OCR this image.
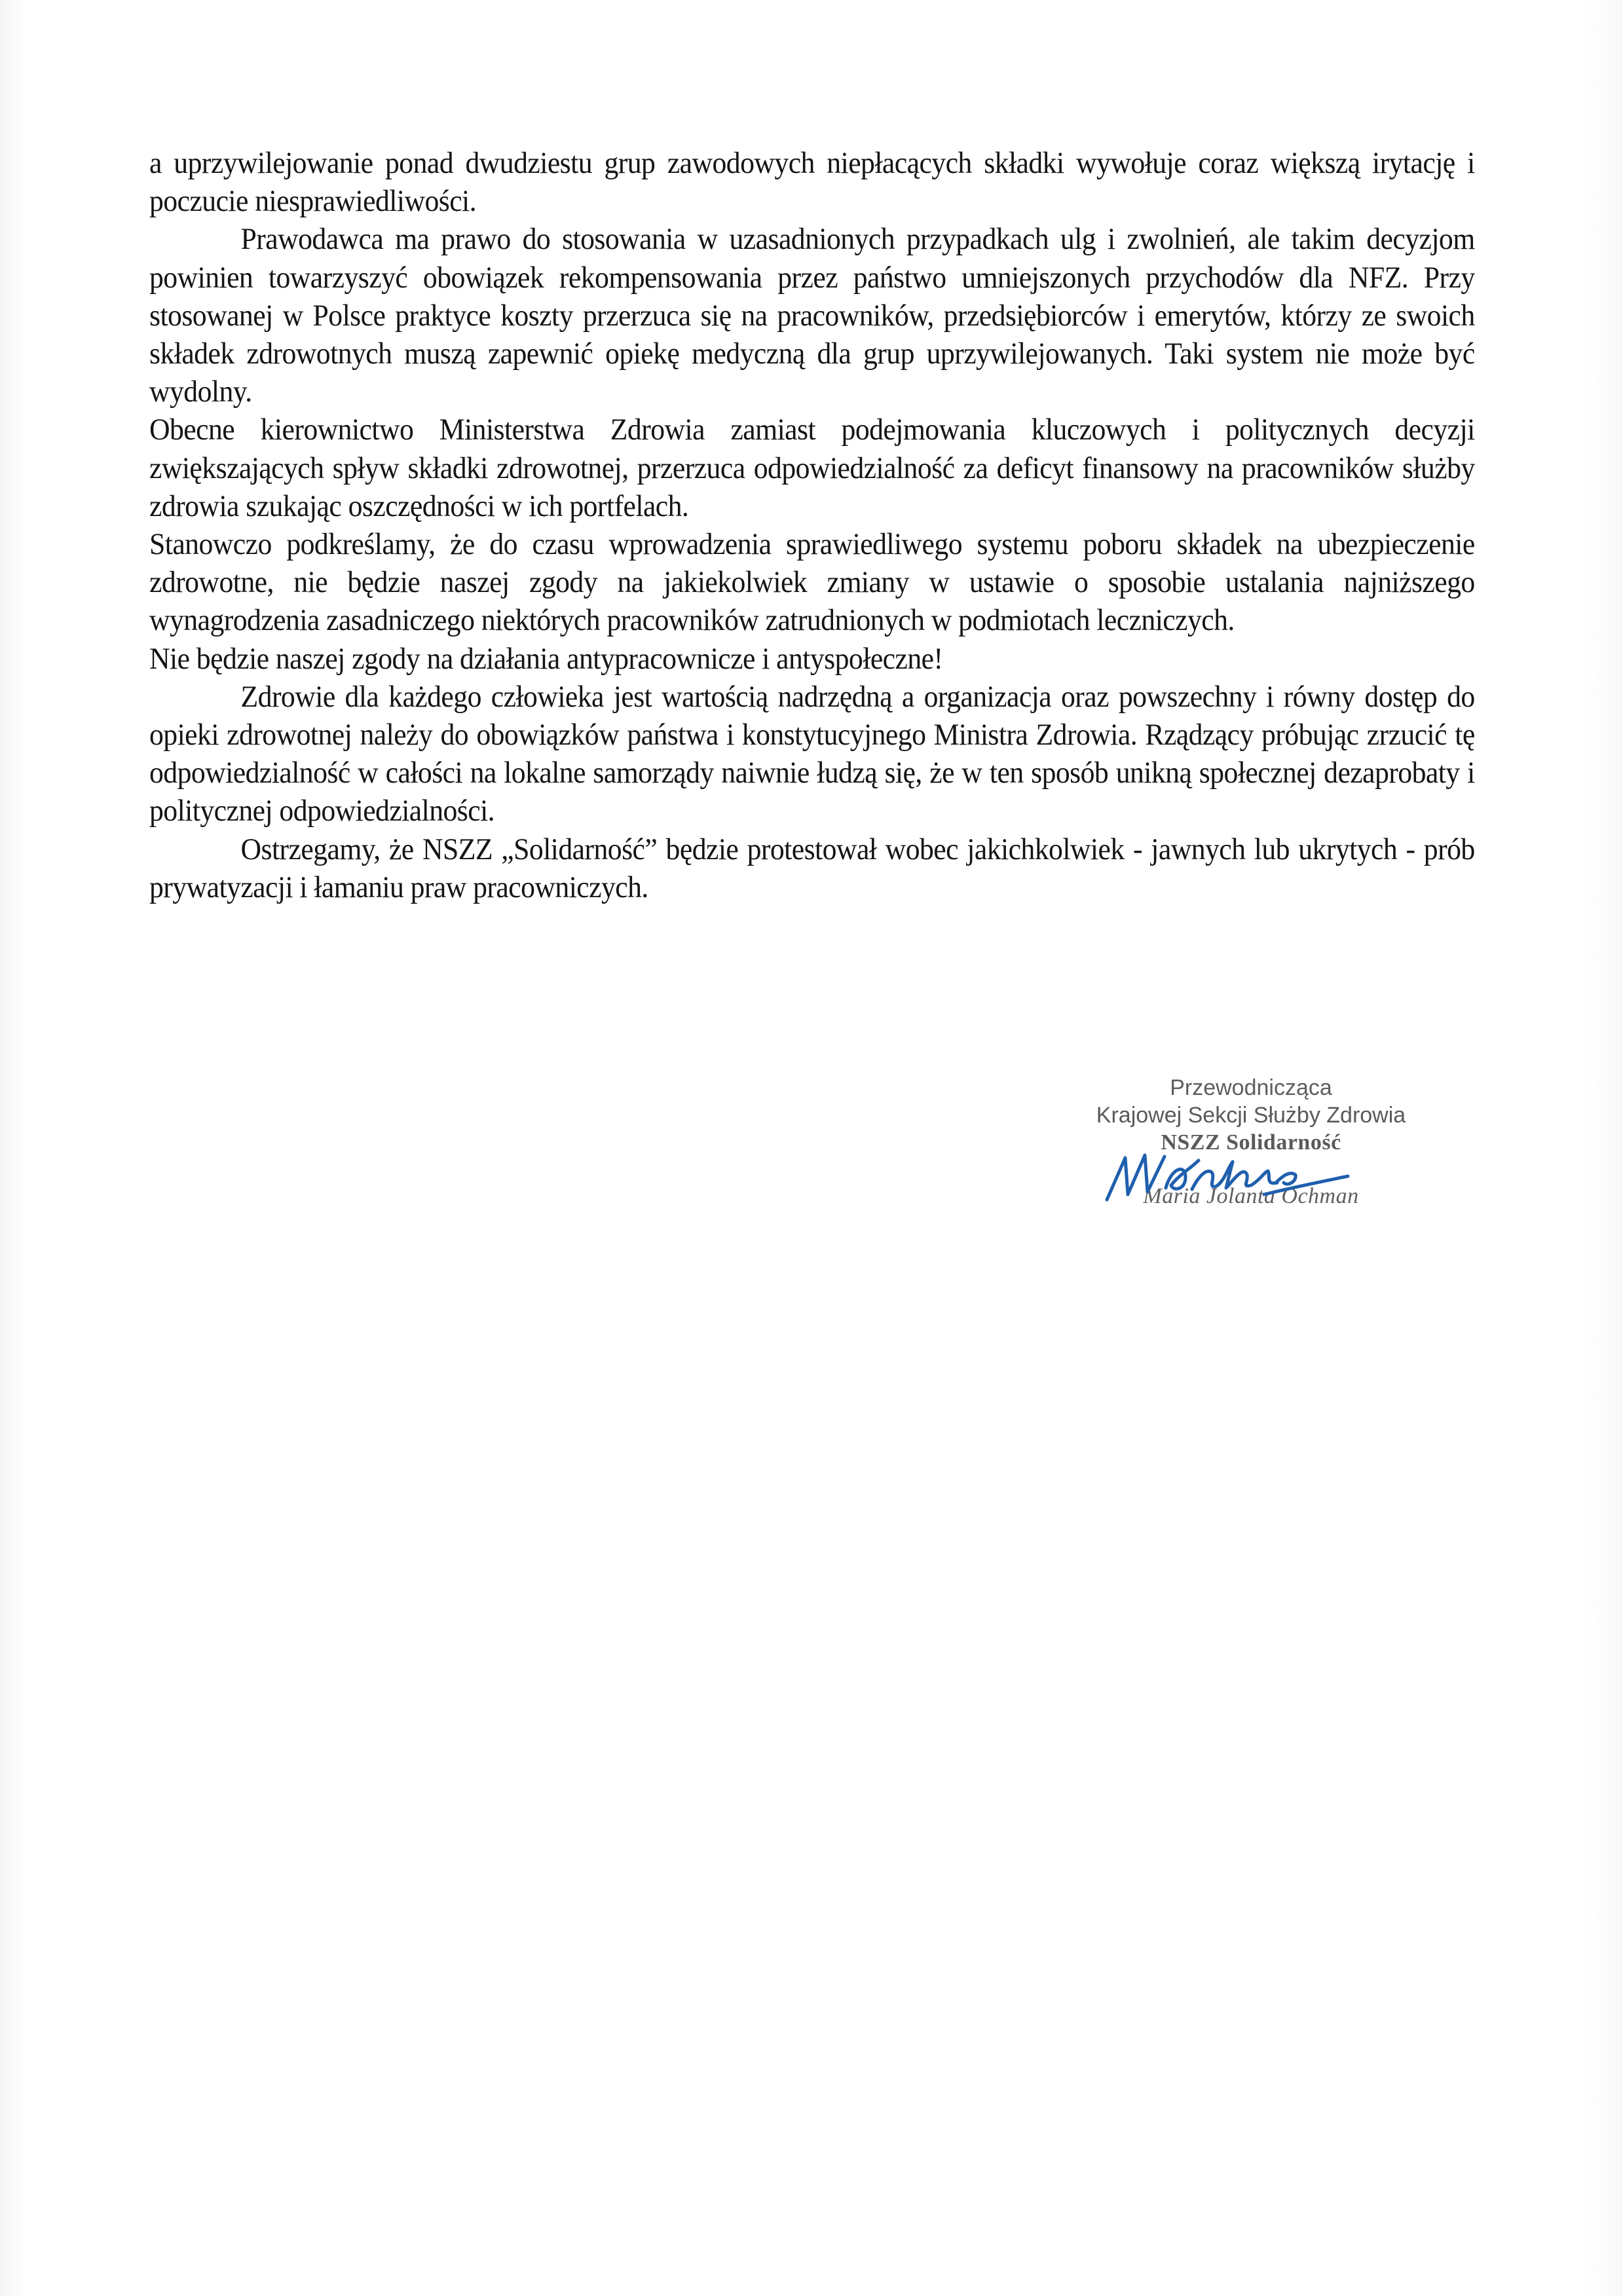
a uprzywilejowanie ponad dwudziestu grup zawodowych niepłacących składki wywołuje coraz większą irytację i poczucie niesprawiedliwości.

Prawodawca ma prawo do stosowania w uzasadnionych przypadkach ulg i zwolnień, ale takim decyzjom powinien towarzyszyć obowiązek rekompensowania przez państwo umniejszonych przychodów dla NFZ. Przy stosowanej w Polsce praktyce koszty przerzuca się na pracowników, przedsiębiorców i emerytów, którzy ze swoich składek zdrowotnych muszą zapewnić opiekę medyczną dla grup uprzywilejowanych. Taki system nie może być wydolny.

Obecne kierownictwo Ministerstwa Zdrowia zamiast podejmowania kluczowych i politycznych decyzji zwiększających spływ składki zdrowotnej, przerzuca odpowiedzialność za deficyt finansowy na pracowników służby zdrowia szukając oszczędności w ich portfelach.

Stanowczo podkreślamy, że do czasu wprowadzenia sprawiedliwego systemu poboru składek na ubezpieczenie zdrowotne, nie będzie naszej zgody na jakiekolwiek zmiany w ustawie o sposobie ustalania najniższego wynagrodzenia zasadniczego niektórych pracowników zatrudnionych w podmiotach leczniczych.

Nie będzie naszej zgody na działania antypracownicze i antyspołeczne!

Zdrowie dla każdego człowieka jest wartością nadrzędną a organizacja oraz powszechny i równy dostęp do opieki zdrowotnej należy do obowiązków państwa i konstytucyjnego Ministra Zdrowia. Rządzący próbując zrzucić tę odpowiedzialność w całości na lokalne samorządy naiwnie łudzą się, że w ten sposób unikną społecznej dezaprobaty i politycznej odpowiedzialności.

Ostrzegamy, że NSZZ „Solidarność” będzie protestował wobec jakichkolwiek - jawnych lub ukrytych - prób prywatyzacji i łamaniu praw pracowniczych.

Przewodnicząca
Krajowej Sekcji Służby Zdrowia
NSZZ Solidarność
Maria Jolanta Ochman
